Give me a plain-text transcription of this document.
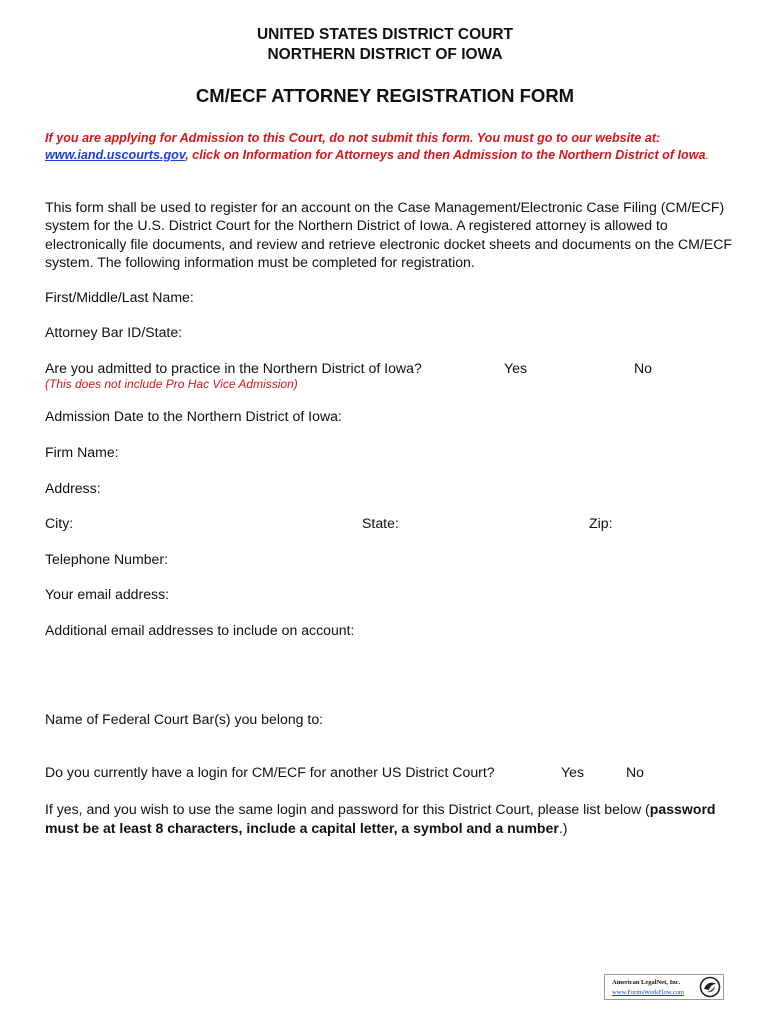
UNITED STATES DISTRICT COURT
NORTHERN DISTRICT OF IOWA
CM/ECF ATTORNEY REGISTRATION FORM
If you are applying for Admission to this Court, do not submit this form. You must go to our website at: www.iand.uscourts.gov, click on Information for Attorneys and then Admission to the Northern District of Iowa.
This form shall be used to register for an account on the Case Management/Electronic Case Filing (CM/ECF) system for the U.S. District Court for the Northern District of Iowa. A registered attorney is allowed to electronically file documents, and review and retrieve electronic docket sheets and documents on the CM/ECF system. The following information must be completed for registration.
First/Middle/Last Name:
Attorney Bar ID/State:
Are you admitted to practice in the Northern District of Iowa?	Yes	No
(This does not include Pro Hac Vice Admission)
Admission Date to the Northern District of Iowa:
Firm Name:
Address:
City:	State:	Zip:
Telephone Number:
Your email address:
Additional email addresses to include on account:
Name of Federal Court Bar(s) you belong to:
Do you currently have a login for CM/ECF for another US District Court?	Yes	No
If yes, and you wish to use the same login and password for this District Court, please list below (password must be at least 8 characters, include a capital letter, a symbol and a number.)
American LegalNet, Inc.
www.FormsWorkFlow.com
